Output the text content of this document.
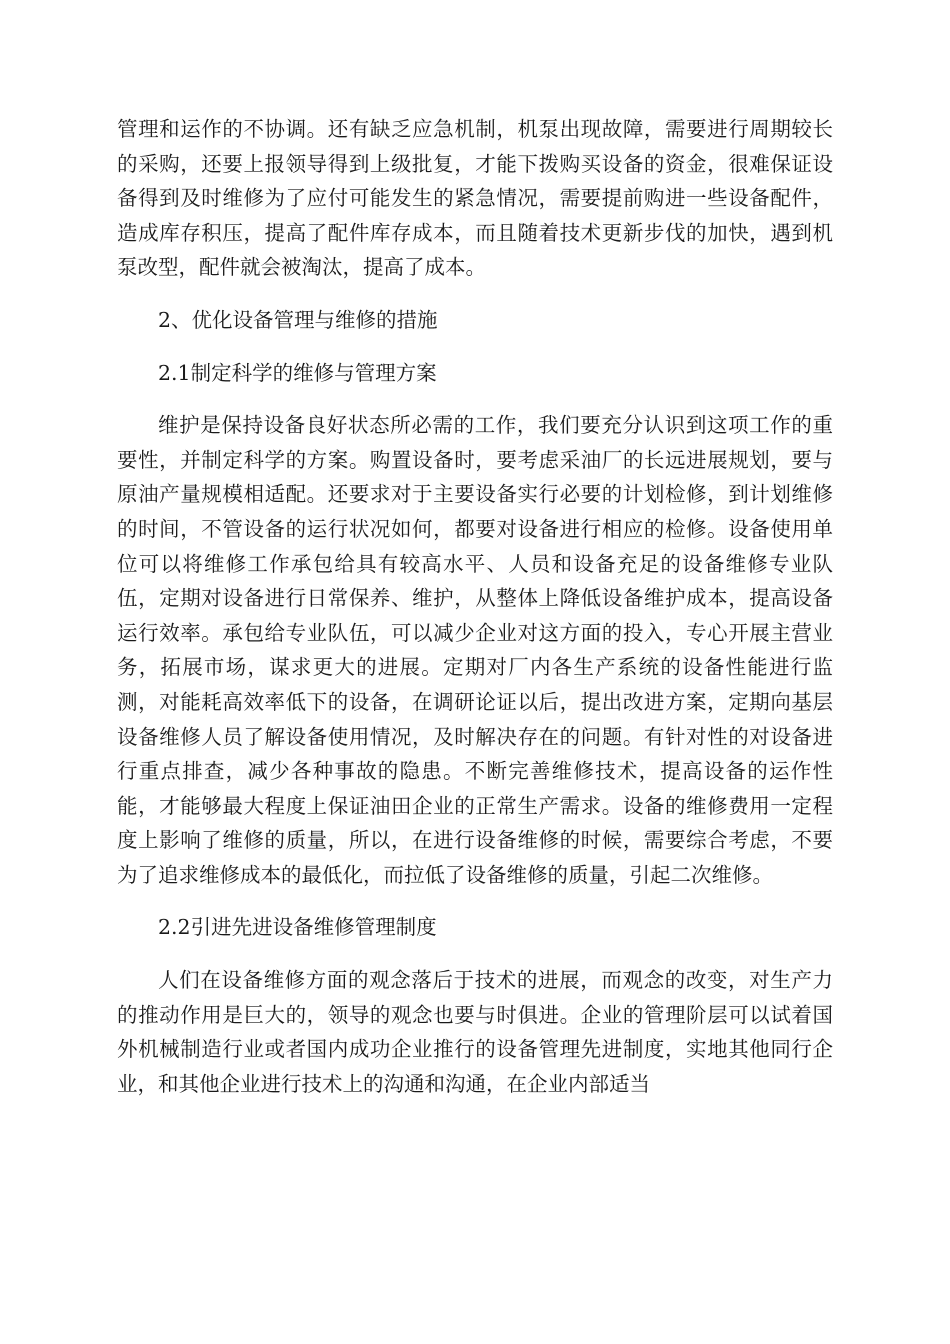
管理和运作的不协调。还有缺乏应急机制，机泵出现故障，需要进行周期较长的采购，还要上报领导得到上级批复，才能下拨购买设备的资金，很难保证设备得到及时维修为了应付可能发生的紧急情况，需要提前购进一些设备配件，造成库存积压，提高了配件库存成本，而且随着技术更新步伐的加快，遇到机泵改型，配件就会被淘汰，提高了成本。

2、优化设备管理与维修的措施

2.1制定科学的维修与管理方案

维护是保持设备良好状态所必需的工作，我们要充分认识到这项工作的重要性，并制定科学的方案。购置设备时，要考虑采油厂的长远进展规划，要与原油产量规模相适配。还要求对于主要设备实行必要的计划检修，到计划维修的时间，不管设备的运行状况如何，都要对设备进行相应的检修。设备使用单位可以将维修工作承包给具有较高水平、人员和设备充足的设备维修专业队伍，定期对设备进行日常保养、维护，从整体上降低设备维护成本，提高设备运行效率。承包给专业队伍，可以减少企业对这方面的投入，专心开展主营业务，拓展市场，谋求更大的进展。定期对厂内各生产系统的设备性能进行监测，对能耗高效率低下的设备，在调研论证以后，提出改进方案，定期向基层设备维修人员了解设备使用情况，及时解决存在的问题。有针对性的对设备进行重点排查，减少各种事故的隐患。不断完善维修技术，提高设备的运作性能，才能够最大程度上保证油田企业的正常生产需求。设备的维修费用一定程度上影响了维修的质量，所以，在进行设备维修的时候，需要综合考虑，不要为了追求维修成本的最低化，而拉低了设备维修的质量，引起二次维修。

2.2引进先进设备维修管理制度

人们在设备维修方面的观念落后于技术的进展，而观念的改变，对生产力的推动作用是巨大的，领导的观念也要与时俱进。企业的管理阶层可以试着国外机械制造行业或者国内成功企业推行的设备管理先进制度，实地其他同行企业，和其他企业进行技术上的沟通和沟通，在企业内部适当
